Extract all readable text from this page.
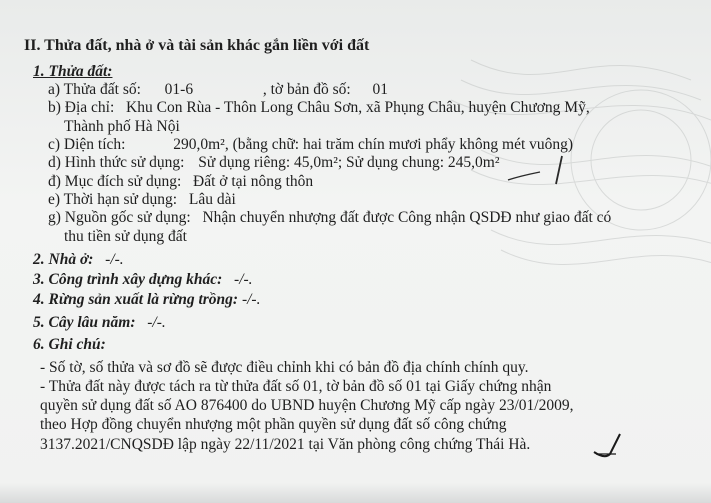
II. Thửa đất, nhà ở và tài sản khác gắn liền với đất
1. Thửa đất:
a) Thửa đất số: 01-6	, tờ bản đồ số: 01
b) Địa chỉ: Khu Con Rùa - Thôn Long Châu Sơn, xã Phụng Châu, huyện Chương Mỹ,
Thành phố Hà Nội
c) Diện tích:	290,0m², (bằng chữ: hai trăm chín mươi phẩy không mét vuông)
d) Hình thức sử dụng: Sử dụng riêng: 45,0m²; Sử dụng chung: 245,0m²
đ) Mục đích sử dụng: Đất ở tại nông thôn
e) Thời hạn sử dụng: Lâu dài
g) Nguồn gốc sử dụng: Nhận chuyển nhượng đất được Công nhận QSDĐ như giao đất có
thu tiền sử dụng đất
2. Nhà ở: -/-.
3. Công trình xây dựng khác: -/-.
4. Rừng sản xuất là rừng trồng: -/-.
5. Cây lâu năm: -/-.
6. Ghi chú:
- Số tờ, số thửa và sơ đồ sẽ được điều chỉnh khi có bản đồ địa chính chính quy.
- Thửa đất này được tách ra từ thửa đất số 01, tờ bản đồ số 01 tại Giấy chứng nhận
quyền sử dụng đất số AO 876400 do UBND huyện Chương Mỹ cấp ngày 23/01/2009,
theo Hợp đồng chuyển nhượng một phần quyền sử dụng đất số công chứng
3137.2021/CNQSDĐ lập ngày 22/11/2021 tại Văn phòng công chứng Thái Hà.
